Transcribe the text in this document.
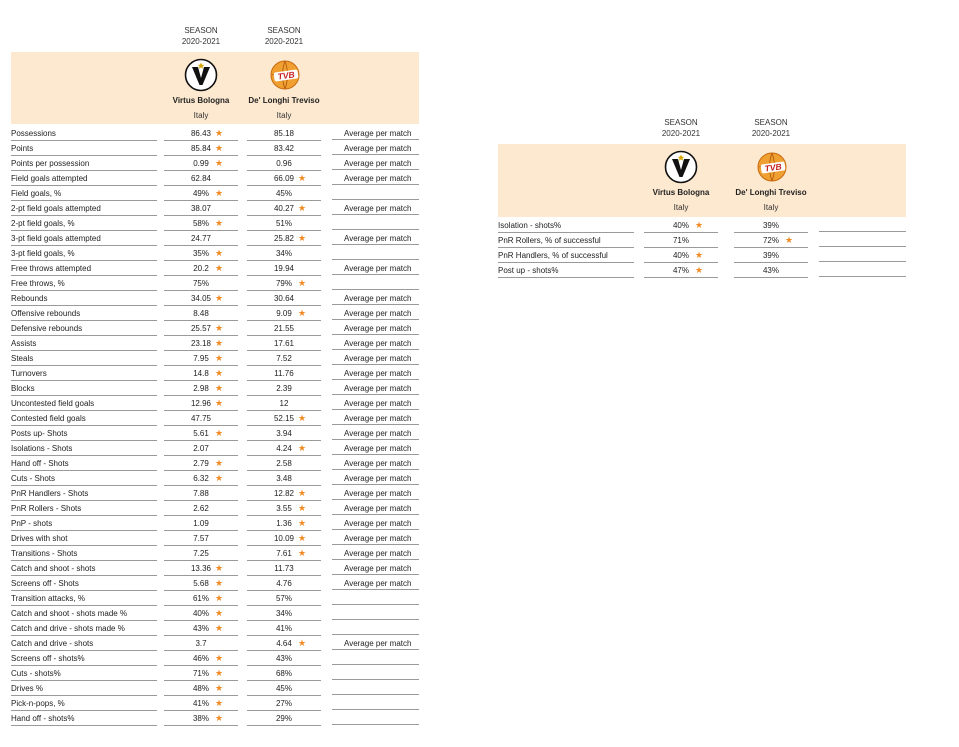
SEASON
2020-2021
SEASON
2020-2021
Virtus Bologna
Italy
TVB
De' Longhi Treviso
Italy
Possessions	86.43 ★	85.18	Average per match
Points	85.84 ★	83.42	Average per match
Points per possession	0.99 ★	0.96	Average per match
Field goals attempted	62.84	66.09 ★	Average per match
Field goals, %	49% ★	45%
2-pt field goals attempted	38.07	40.27 ★	Average per match
2-pt field goals, %	58% ★	51%
3-pt field goals attempted	24.77	25.82 ★	Average per match
3-pt field goals, %	35% ★	34%
Free throws attempted	20.2 ★	19.94	Average per match
Free throws, %	75%	79% ★
Rebounds	34.05 ★	30.64	Average per match
Offensive rebounds	8.48	9.09 ★	Average per match
Defensive rebounds	25.57 ★	21.55	Average per match
Assists	23.18 ★	17.61	Average per match
Steals	7.95 ★	7.52	Average per match
Turnovers	14.8 ★	11.76	Average per match
Blocks	2.98 ★	2.39	Average per match
Uncontested field goals	12.96 ★	12	Average per match
Contested field goals	47.75	52.15 ★	Average per match
Posts up- Shots	5.61 ★	3.94	Average per match
Isolations - Shots	2.07	4.24 ★	Average per match
Hand off - Shots	2.79 ★	2.58	Average per match
Cuts - Shots	6.32 ★	3.48	Average per match
PnR Handlers - Shots	7.88	12.82 ★	Average per match
PnR Rollers - Shots	2.62	3.55 ★	Average per match
PnP - shots	1.09	1.36 ★	Average per match
Drives with shot	7.57	10.09 ★	Average per match
Transitions - Shots	7.25	7.61 ★	Average per match
Catch and shoot - shots	13.36 ★	11.73	Average per match
Screens off - Shots	5.68 ★	4.76	Average per match
Transition attacks, %	61% ★	57%
Catch and shoot - shots made %	40% ★	34%
Catch and drive - shots made %	43% ★	41%
Catch and drive - shots	3.7	4.64 ★	Average per match
Screens off - shots%	46% ★	43%
Cuts - shots%	71% ★	68%
Drives %	48% ★	45%
Pick-n-pops, %	41% ★	27%
Hand off - shots%	38% ★	29%
SEASON
2020-2021
SEASON
2020-2021
Virtus Bologna
Italy
TVB
De' Longhi Treviso
Italy
Isolation - shots%	40% ★	39%
PnR Rollers, % of successful	71%	72% ★
PnR Handlers, % of successful	40% ★	39%
Post up - shots%	47% ★	43%
